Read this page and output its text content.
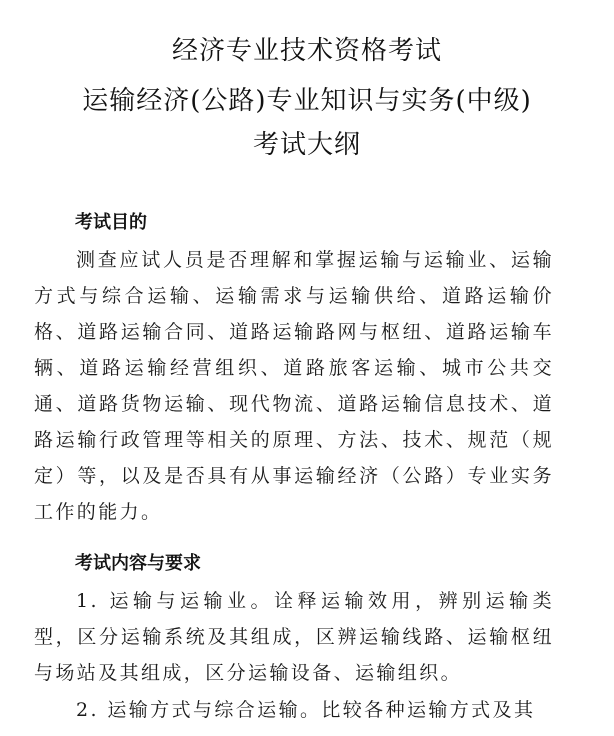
经济专业技术资格考试
运输经济(公路)专业知识与实务(中级)
考试大纲
考试目的

测查应试人员是否理解和掌握运输与运输业、运输方式与综合运输、运输需求与运输供给、道路运输价格、道路运输合同、道路运输路网与枢纽、道路运输车辆、道路运输经营组织、道路旅客运输、城市公共交通、道路货物运输、现代物流、道路运输信息技术、道路运输行政管理等相关的原理、方法、技术、规范（规定）等，以及是否具有从事运输经济（公路）专业实务工作的能力。

考试内容与要求

1. 运输与运输业。诠释运输效用，辨别运输类型，区分运输系统及其组成，区辨运输线路、运输枢纽与场站及其组成，区分运输设备、运输组织。

2. 运输方式与综合运输。比较各种运输方式及其
